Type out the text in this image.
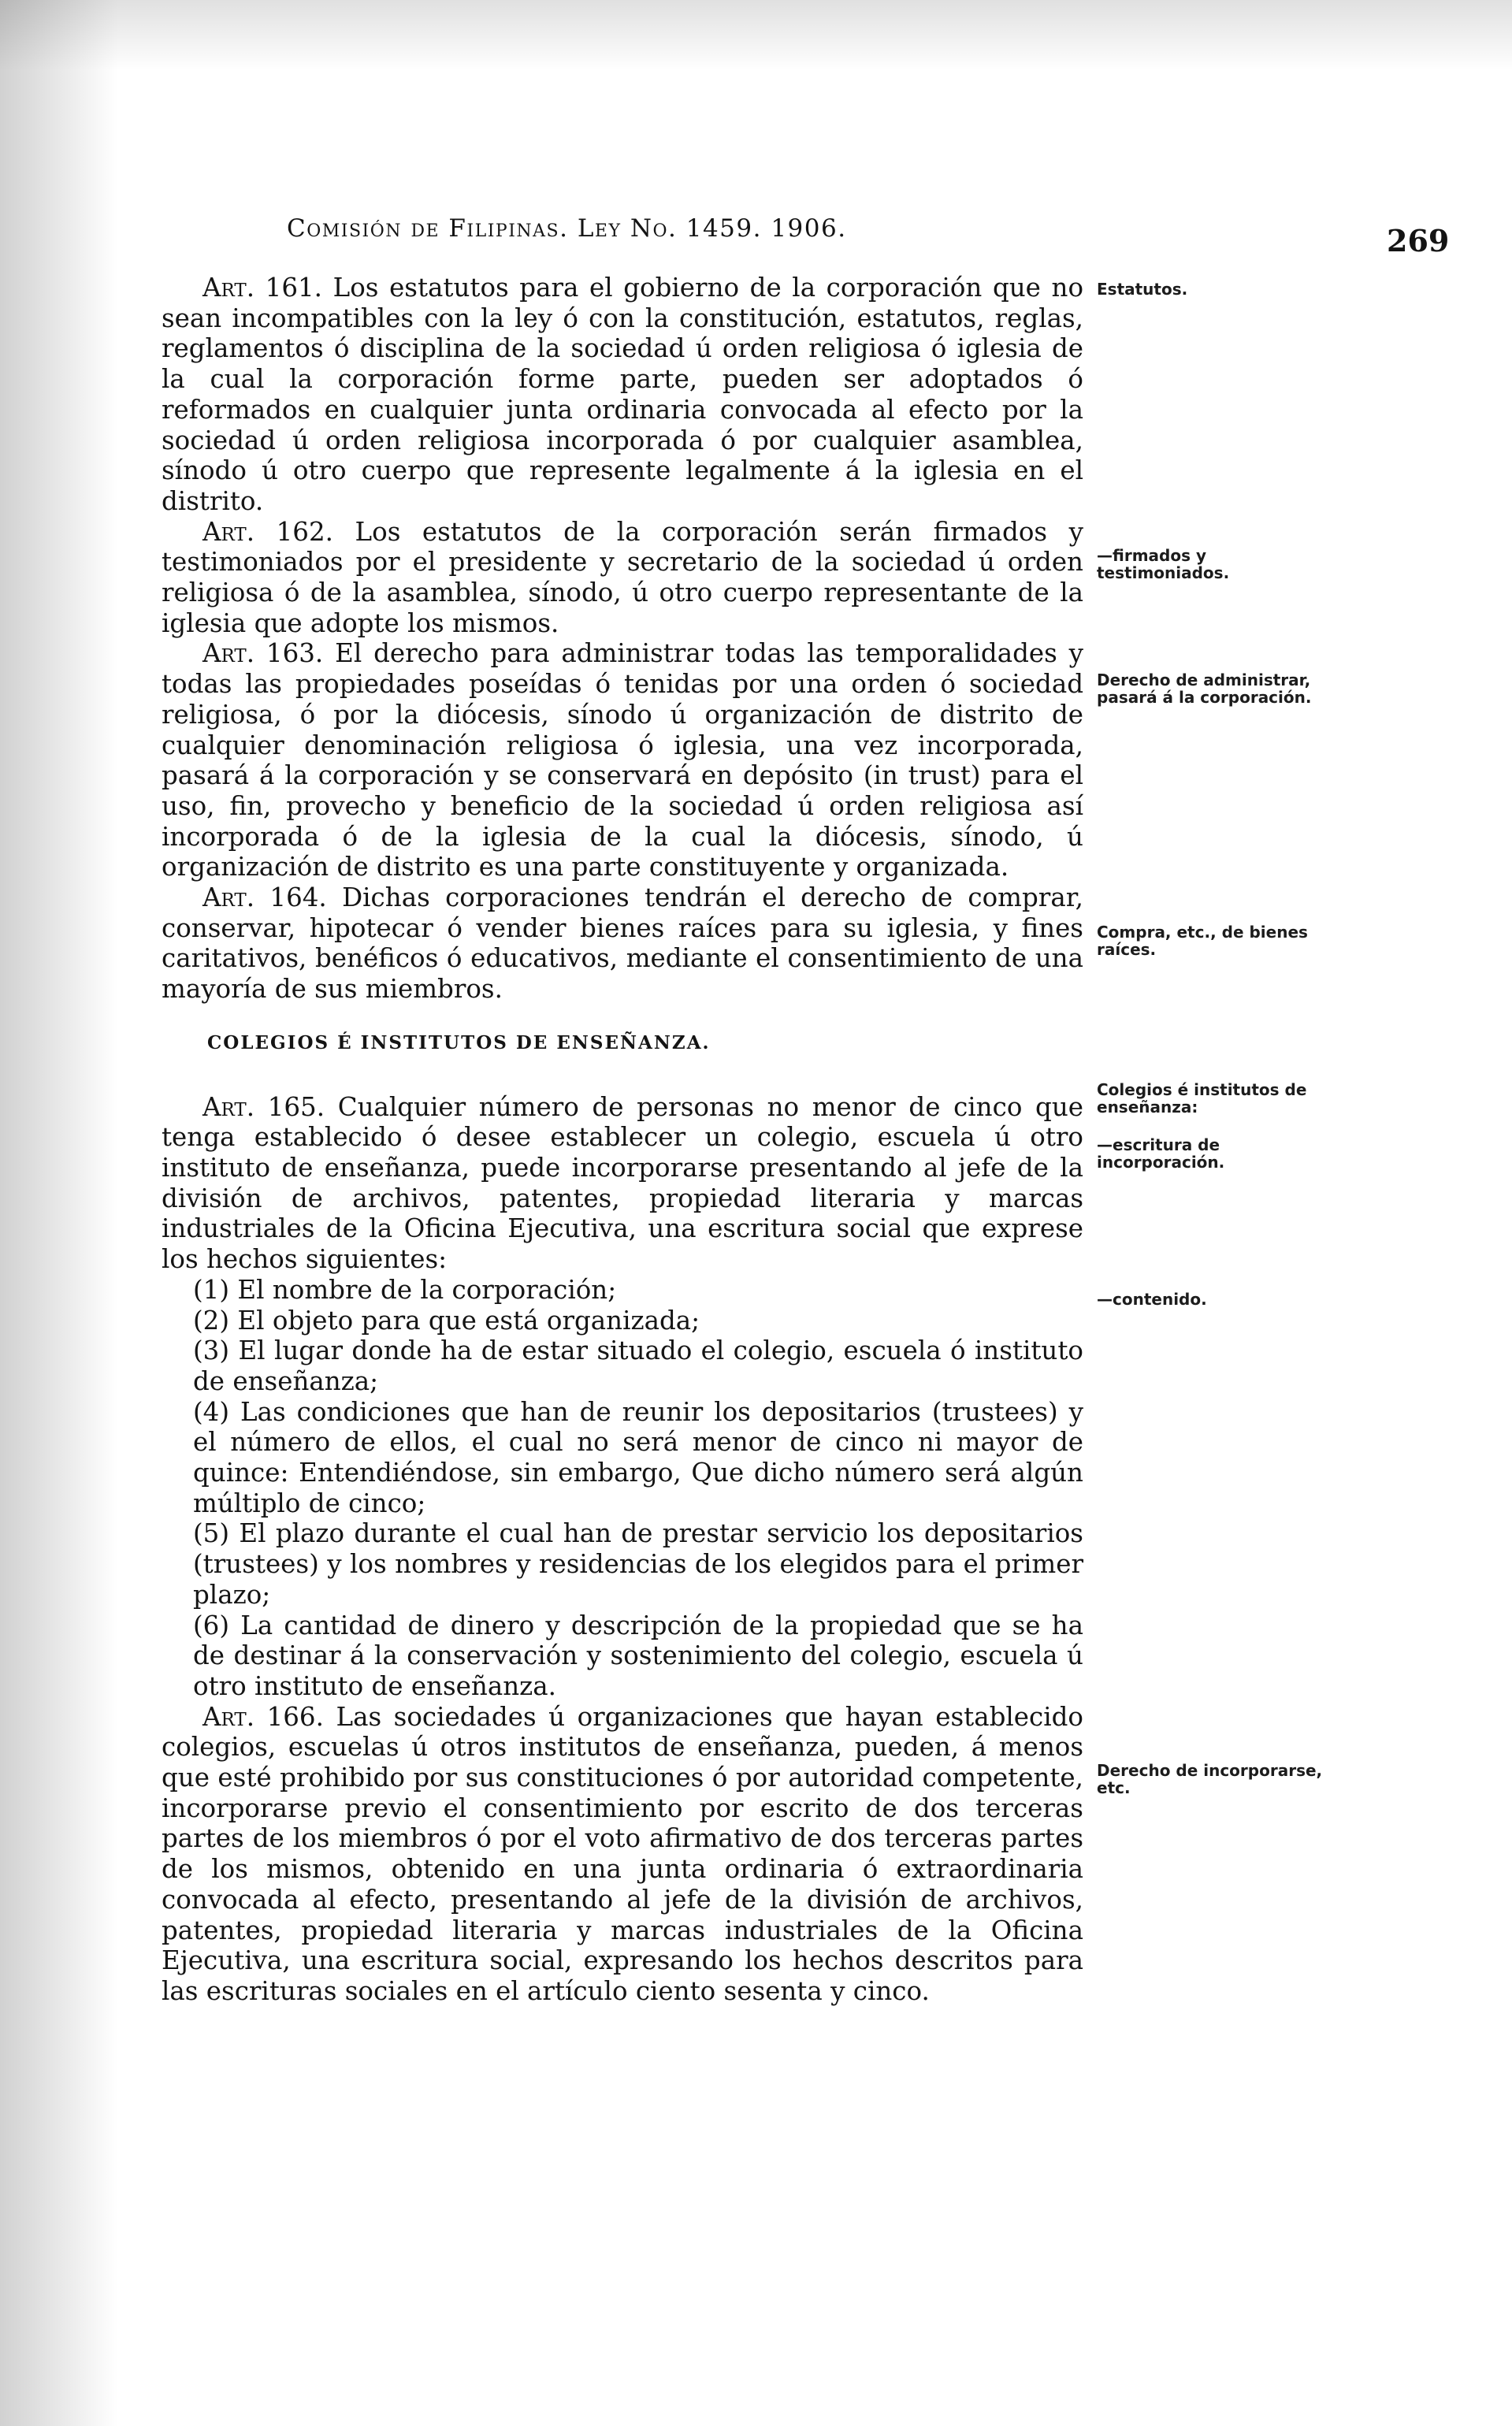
Comisión de Filipinas. Ley No. 1459. 1906.	269

Art. 161. Los estatutos para el gobierno de la corporación que no sean incompatibles con la ley ó con la constitución, estatutos, reglas, reglamentos ó disciplina de la sociedad ú orden religiosa ó iglesia de la cual la corporación forme parte, pueden ser adoptados ó reformados en cualquier junta ordinaria convocada al efecto por la sociedad ú orden religiosa incorporada ó por cualquier asamblea, sínodo ú otro cuerpo que represente legalmente á la iglesia en el distrito.

Art. 162. Los estatutos de la corporación serán firmados y testimoniados por el presidente y secretario de la sociedad ú orden religiosa ó de la asamblea, sínodo, ú otro cuerpo representante de la iglesia que adopte los mismos.

Art. 163. El derecho para administrar todas las temporalidades y todas las propiedades poseídas ó tenidas por una orden ó sociedad religiosa, ó por la diócesis, sínodo ú organización de distrito de cualquier denominación religiosa ó iglesia, una vez incorporada, pasará á la corporación y se conservará en depósito (in trust) para el uso, fin, provecho y beneficio de la sociedad ú orden religiosa así incorporada ó de la iglesia de la cual la diócesis, sínodo, ú organización de distrito es una parte constituyente y organizada.

Art. 164. Dichas corporaciones tendrán el derecho de comprar, conservar, hipotecar ó vender bienes raíces para su iglesia, y fines caritativos, benéficos ó educativos, mediante el consentimiento de una mayoría de sus miembros.

COLEGIOS É INSTITUTOS DE ENSEÑANZA.

Art. 165. Cualquier número de personas no menor de cinco que tenga establecido ó desee establecer un colegio, escuela ú otro instituto de enseñanza, puede incorporarse presentando al jefe de la división de archivos, patentes, propiedad literaria y marcas industriales de la Oficina Ejecutiva, una escritura social que exprese los hechos siguientes:

(1) El nombre de la corporación;

(2) El objeto para que está organizada;

(3) El lugar donde ha de estar situado el colegio, escuela ó instituto de enseñanza;

(4) Las condiciones que han de reunir los depositarios (trustees) y el número de ellos, el cual no será menor de cinco ni mayor de quince: Entendiéndose, sin embargo, Que dicho número será algún múltiplo de cinco;

(5) El plazo durante el cual han de prestar servicio los depositarios (trustees) y los nombres y residencias de los elegidos para el primer plazo;

(6) La cantidad de dinero y descripción de la propiedad que se ha de destinar á la conservación y sostenimiento del colegio, escuela ú otro instituto de enseñanza.

Art. 166. Las sociedades ú organizaciones que hayan establecido colegios, escuelas ú otros institutos de enseñanza, pueden, á menos que esté prohibido por sus constituciones ó por autoridad competente, incorporarse previo el consentimiento por escrito de dos terceras partes de los miembros ó por el voto afirmativo de dos terceras partes de los mismos, obtenido en una junta ordinaria ó extraordinaria convocada al efecto, presentando al jefe de la división de archivos, patentes, propiedad literaria y marcas industriales de la Oficina Ejecutiva, una escritura social, expresando los hechos descritos para las escrituras sociales en el artículo ciento sesenta y cinco.

Estatutos.
—firmados y testimoniados.
Derecho de administrar, pasará á la corporación.
Compra, etc., de bienes raíces.
Colegios é institutos de enseñanza:
—escritura de incorporación.
—contenido.
Derecho de incorporarse, etc.
